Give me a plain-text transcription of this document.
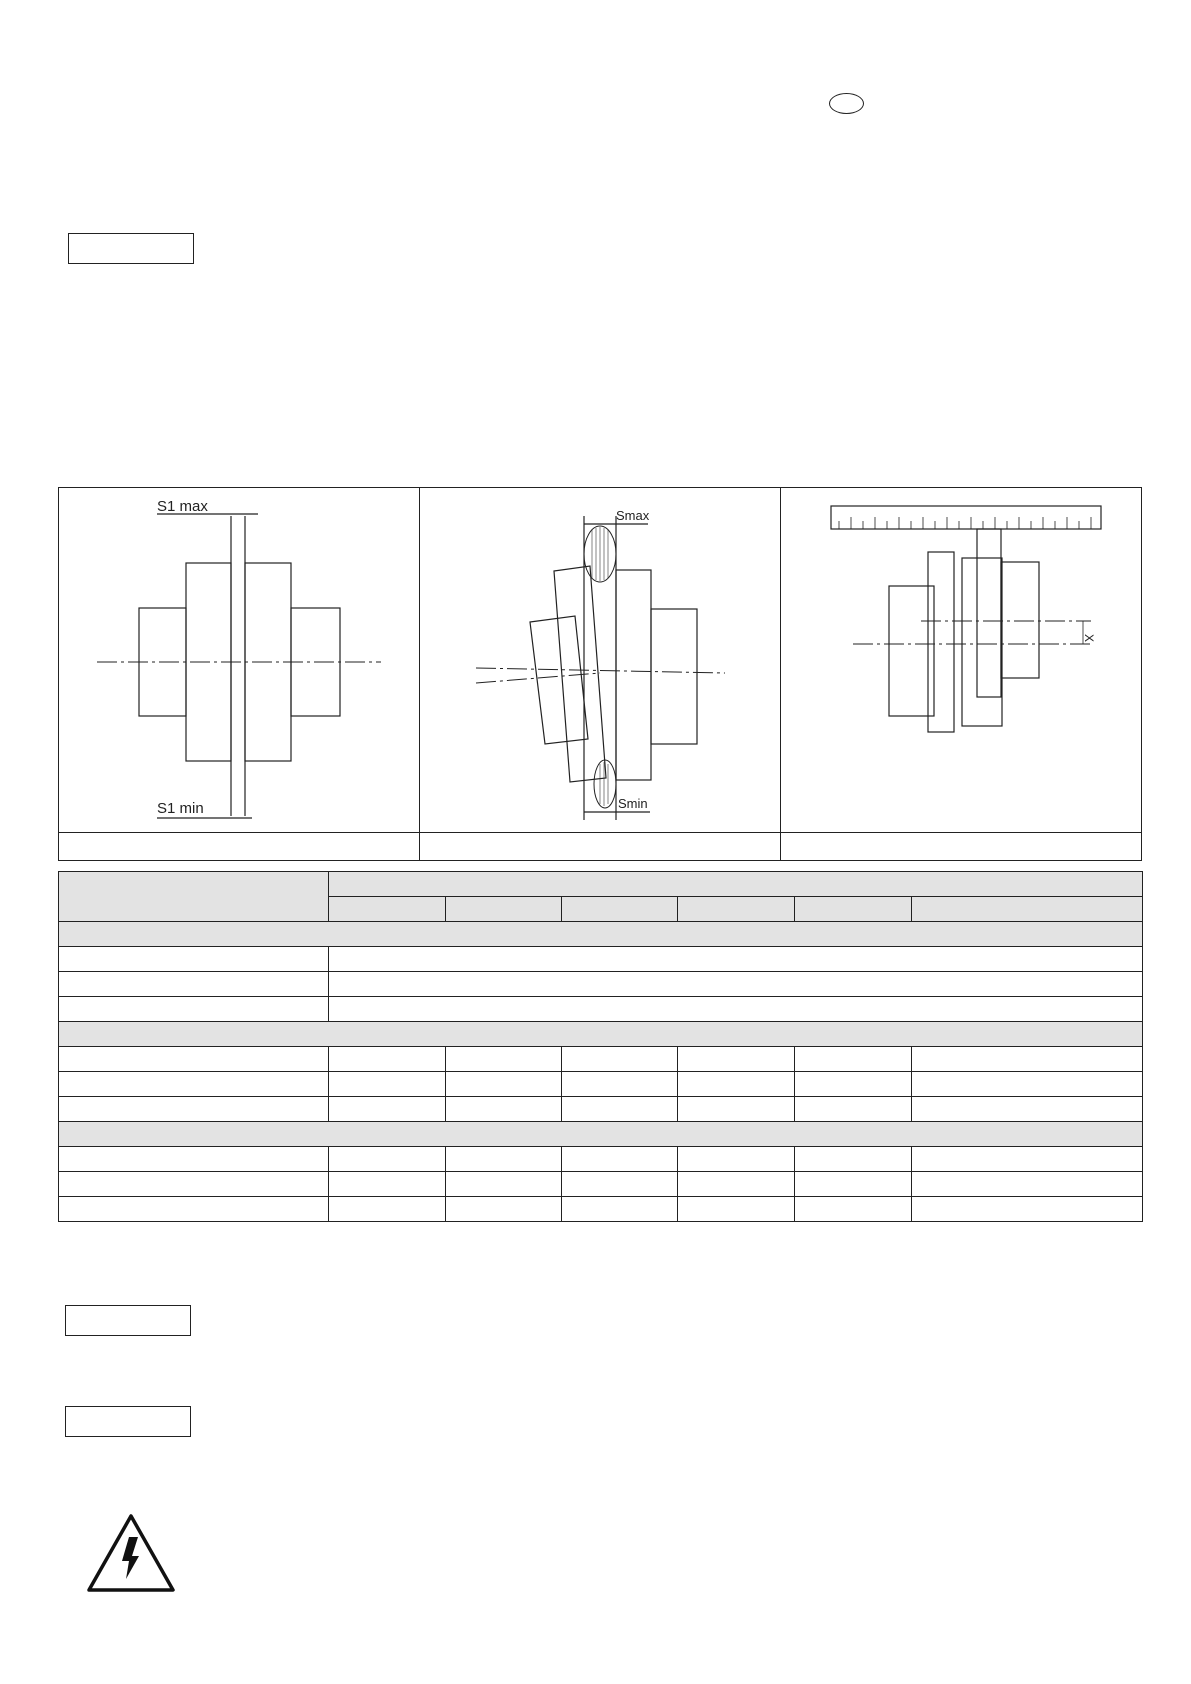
S1 max
S1 min
Smax
Smin
X
